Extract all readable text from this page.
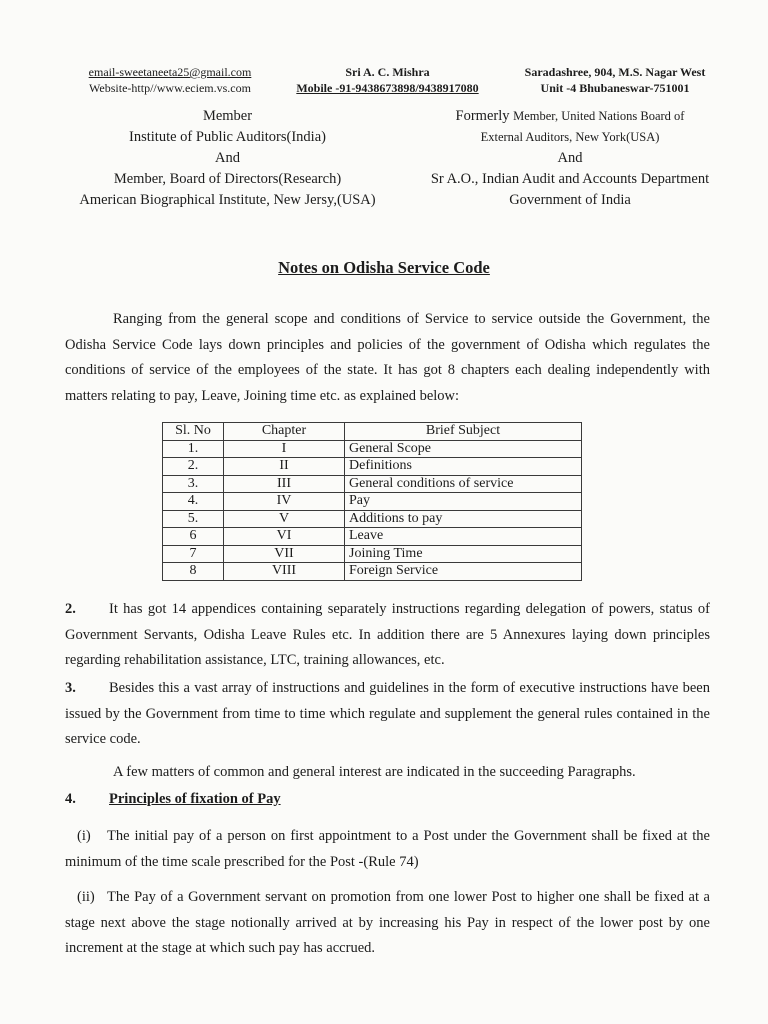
email-sweetaneeta25@gmail.com
Website-http//www.eciem.vs.com
Sri A. C. Mishra
Mobile -91-9438673898/9438917080
Saradashree, 904, M.S. Nagar West
Unit -4 Bhubaneswar-751001
Member
Institute of Public Auditors(India)
And
Member, Board of Directors(Research)
American Biographical Institute, New Jersy,(USA)
Formerly Member, United Nations Board of
External Auditors, New York(USA)
And
Sr A.O., Indian Audit and Accounts Department
Government of India
Notes on Odisha Service Code
Ranging from the general scope and conditions of Service to service outside the Government, the Odisha Service Code lays down principles and policies of the government of Odisha which regulates the conditions of service of the employees of the state. It has got 8 chapters each dealing independently with matters relating to pay, Leave, Joining time etc. as explained below:
Sl. No	Chapter	Brief Subject
1.	I	General Scope
2.	II	Definitions
3.	III	General conditions of service
4.	IV	Pay
5.	V	Additions to pay
6	VI	Leave
7	VII	Joining Time
8	VIII	Foreign Service
2. It has got 14 appendices containing separately instructions regarding delegation of powers, status of Government Servants, Odisha Leave Rules etc. In addition there are 5 Annexures laying down principles regarding rehabilitation assistance, LTC, training allowances, etc.
3. Besides this a vast array of instructions and guidelines in the form of executive instructions have been issued by the Government from time to time which regulate and supplement the general rules contained in the service code.
A few matters of common and general interest are indicated in the succeeding Paragraphs.
4. Principles of fixation of Pay
(i) The initial pay of a person on first appointment to a Post under the Government shall be fixed at the minimum of the time scale prescribed for the Post -(Rule 74)
(ii) The Pay of a Government servant on promotion from one lower Post to higher one shall be fixed at a stage next above the stage notionally arrived at by increasing his Pay in respect of the lower post by one increment at the stage at which such pay has accrued.
